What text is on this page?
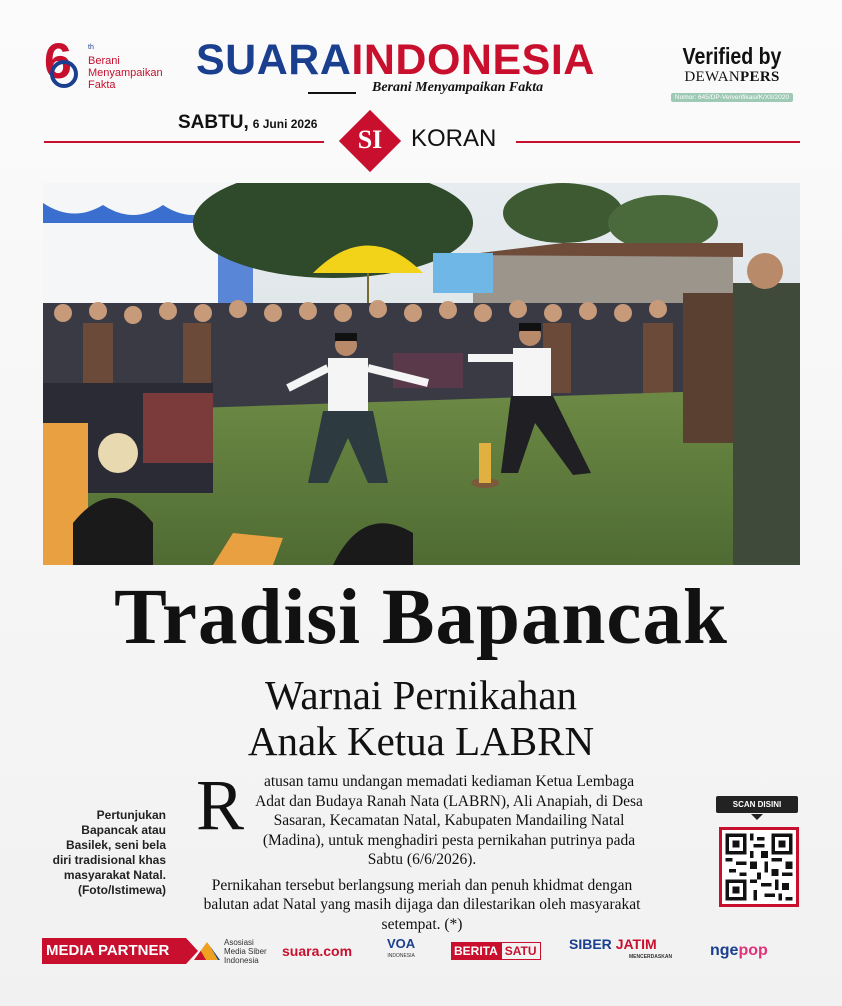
6 th
Berani
Menyampaikan
Fakta
SUARAINDONESIA
Berani Menyampaikan Fakta
Verified by
DEWANPERS
Nomor: 645/DP-Ververifikasi/K/XII/2020
SABTU, 6 Juni 2026
SI	KORAN
Tradisi Bapancak
Warnai Pernikahan
Anak Ketua LABRN
Pertunjukan Bapancak atau Basilek, seni bela diri tradisional khas masyarakat Natal. (Foto/Istimewa)

R atusan tamu undangan memadati kediaman Ketua Lembaga Adat dan Budaya Ranah Nata (LABRN), Ali Anapiah, di Desa Sasaran, Kecamatan Natal, Kabupaten Mandailing Natal (Madina), untuk menghadiri pesta pernikahan putrinya pada Sabtu (6/6/2026).

Pernikahan tersebut berlangsung meriah dan penuh khidmat dengan balutan adat Natal yang masih dijaga dan dilestarikan oleh masyarakat setempat. (*)

SCAN DISINI
MEDIA PARTNER	Asosiasi
Media Siber
Indonesia
suara.com	VOA
INDONESIA	BERITA SATU SIBER JATIM
MENCERDASKAN nge pop
